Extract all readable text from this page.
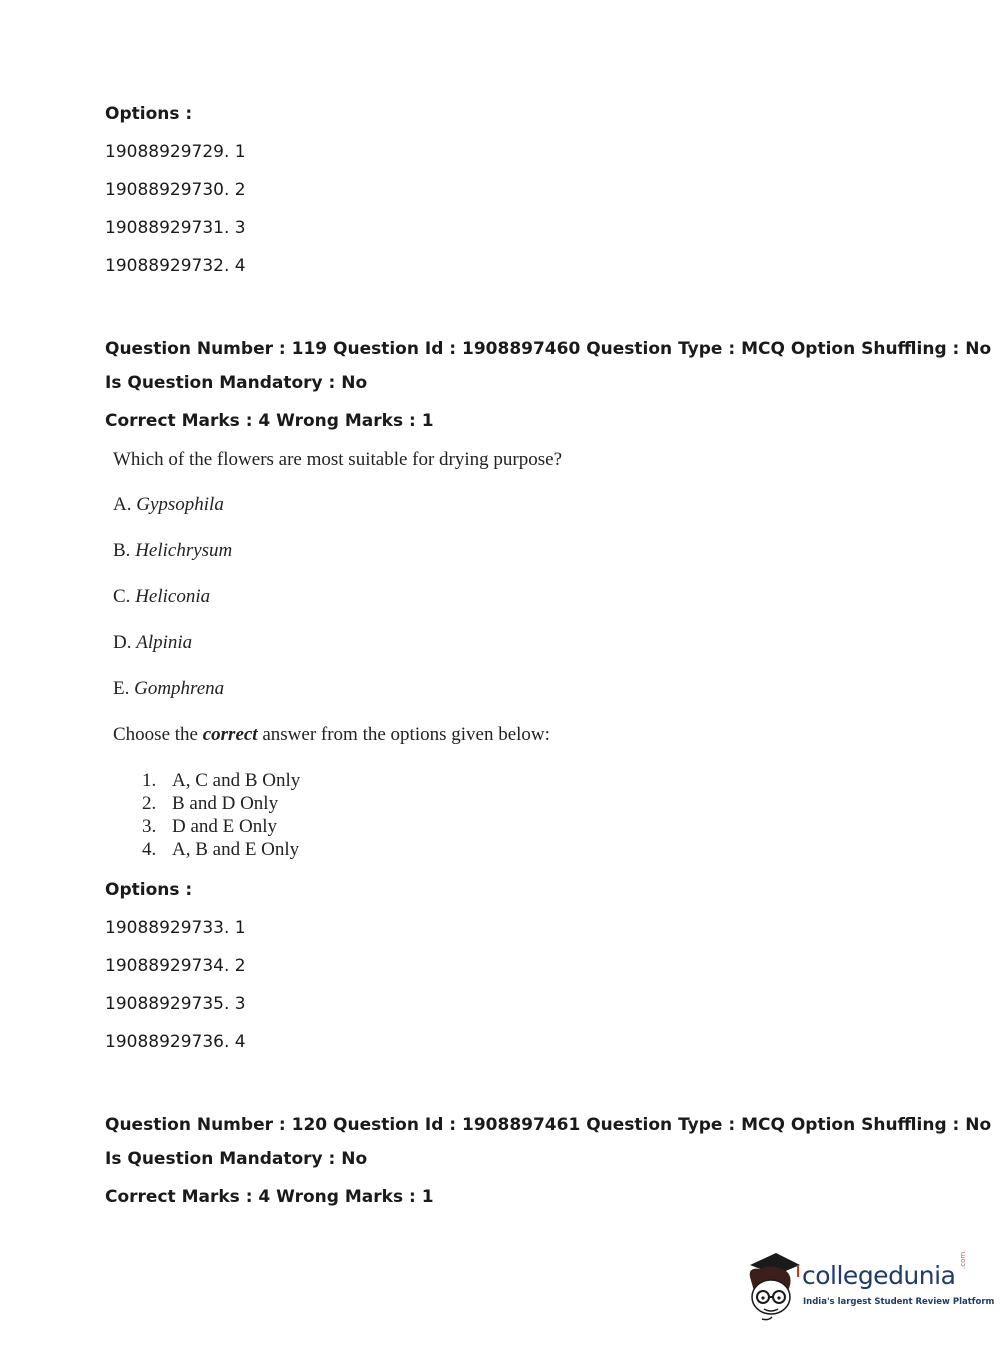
Options :
19088929729. 1
19088929730. 2
19088929731. 3
19088929732. 4
Question Number : 119 Question Id : 1908897460 Question Type : MCQ Option Shuffling : No
Is Question Mandatory : No
Correct Marks : 4 Wrong Marks : 1
Which of the flowers are most suitable for drying purpose?
A. Gypsophila
B. Helichrysum
C. Heliconia
D. Alpinia
E. Gomphrena
Choose the correct answer from the options given below:
1. A, C and B Only
2. B and D Only
3. D and E Only
4. A, B and E Only
Options :
19088929733. 1
19088929734. 2
19088929735. 3
19088929736. 4
Question Number : 120 Question Id : 1908897461 Question Type : MCQ Option Shuffling : No
Is Question Mandatory : No
Correct Marks : 4 Wrong Marks : 1
collegedunia
.com
India's largest Student Review Platform
